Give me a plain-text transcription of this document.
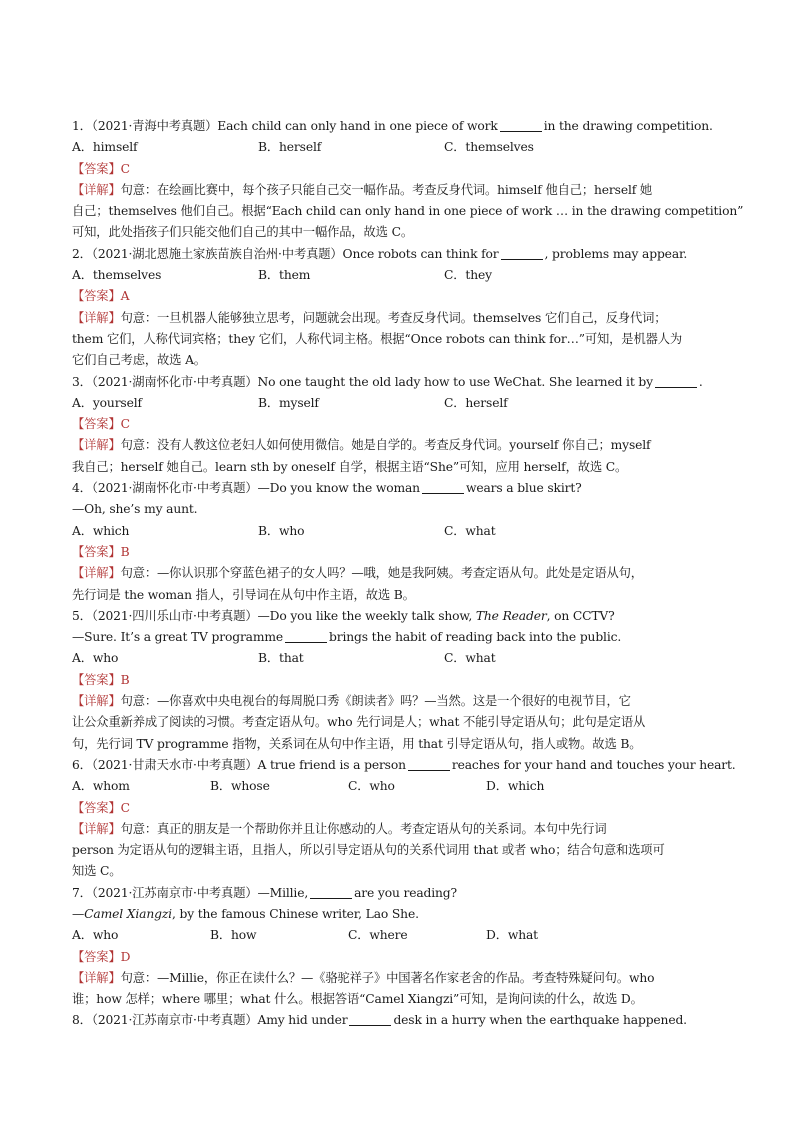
1．（2021·青海中考真题）Each child can only hand in one piece of work	in the drawing competition.
A．himself	B．herself	C．themselves
【答案】C
【详解】句意：在绘画比赛中，每个孩子只能自己交一幅作品。考查反身代词。himself 他自己；herself 她
自己；themselves 他们自己。根据“Each child can only hand in one piece of work … in the drawing competition”
可知，此处指孩子们只能交他们自己的其中一幅作品，故选 C。
2．（2021·湖北恩施土家族苗族自治州·中考真题）Once robots can think for	, problems may appear.
A．themselves	B．them	C．they
【答案】A
【详解】句意：一旦机器人能够独立思考，问题就会出现。考查反身代词。themselves 它们自己，反身代词；
them 它们，人称代词宾格；they 它们，人称代词主格。根据“Once robots can think for…”可知，是机器人为
它们自己考虑，故选 A。
3．（2021·湖南怀化市·中考真题）No one taught the old lady how to use WeChat. She learned it by	.
A．yourself	B．myself	C．herself
【答案】C
【详解】句意：没有人教这位老妇人如何使用微信。她是自学的。考查反身代词。yourself 你自己；myself
我自己；herself 她自己。learn sth by oneself 自学，根据主语“She”可知，应用 herself，故选 C。
4．（2021·湖南怀化市·中考真题）—Do you know the woman	wears a blue skirt?
—Oh, she’s my aunt.
A．which	B．who	C．what
【答案】B
【详解】句意：—你认识那个穿蓝色裙子的女人吗？—哦，她是我阿姨。考查定语从句。此处是定语从句，
先行词是 the woman 指人，引导词在从句中作主语，故选 B。
5．（2021·四川乐山市·中考真题）—Do you like the weekly talk show, The Reader, on CCTV?
—Sure. It’s a great TV programme	brings the habit of reading back into the public.
A．who	B．that	C．what
【答案】B
【详解】句意：—你喜欢中央电视台的每周脱口秀《朗读者》吗？—当然。这是一个很好的电视节目，它
让公众重新养成了阅读的习惯。考查定语从句。who 先行词是人；what 不能引导定语从句；此句是定语从
句，先行词 TV programme 指物，关系词在从句中作主语，用 that 引导定语从句，指人或物。故选 B。
6．（2021·甘肃天水市·中考真题）A true friend is a person	reaches for your hand and touches your heart.
A．whom	B．whose	C．who	D．which
【答案】C
【详解】句意：真正的朋友是一个帮助你并且让你感动的人。考查定语从句的关系词。本句中先行词
person 为定语从句的逻辑主语，且指人，所以引导定语从句的关系代词用 that 或者 who；结合句意和选项可
知选 C。
7．（2021·江苏南京市·中考真题）—Millie,	are you reading?
—Camel Xiangzi, by the famous Chinese writer, Lao She.
A．who	B．how	C．where	D．what
【答案】D
【详解】句意：—Millie，你正在读什么？—《骆驼祥子》中国著名作家老舍的作品。考查特殊疑问句。who
谁；how 怎样；where 哪里；what 什么。根据答语“Camel Xiangzi”可知，是询问读的什么，故选 D。
8．（2021·江苏南京市·中考真题）Amy hid under	desk in a hurry when the earthquake happened.
